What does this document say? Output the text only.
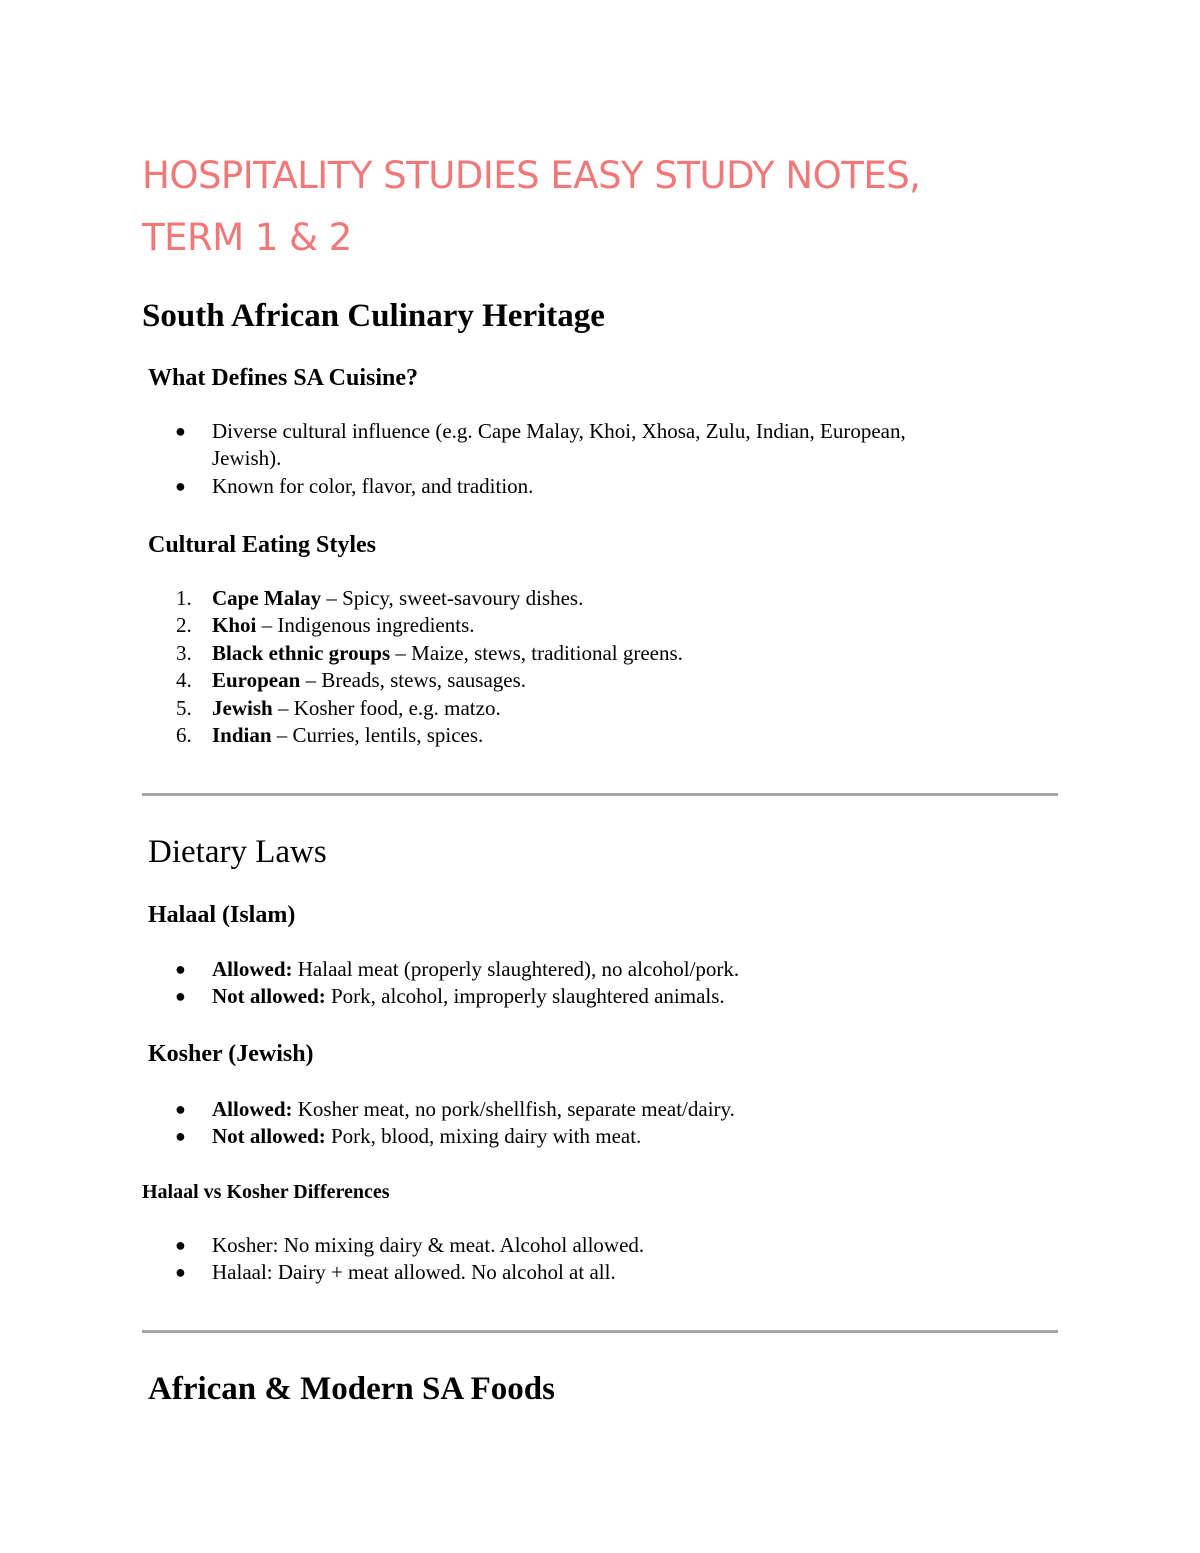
HOSPITALITY STUDIES EASY STUDY NOTES,
TERM 1 & 2
South African Culinary Heritage
What Defines SA Cuisine?
● Diverse cultural influence (e.g. Cape Malay, Khoi, Xhosa, Zulu, Indian, European,
Jewish).
● Known for color, flavor, and tradition.
Cultural Eating Styles
1. Cape Malay – Spicy, sweet-savoury dishes.
2. Khoi – Indigenous ingredients.
3. Black ethnic groups – Maize, stews, traditional greens.
4. European – Breads, stews, sausages.
5. Jewish – Kosher food, e.g. matzo.
6. Indian – Curries, lentils, spices.
Dietary Laws
Halaal (Islam)
● Allowed: Halaal meat (properly slaughtered), no alcohol/pork.
● Not allowed: Pork, alcohol, improperly slaughtered animals.
Kosher (Jewish)
● Allowed: Kosher meat, no pork/shellfish, separate meat/dairy.
● Not allowed: Pork, blood, mixing dairy with meat.
Halaal vs Kosher Differences
● Kosher: No mixing dairy & meat. Alcohol allowed.
● Halaal: Dairy + meat allowed. No alcohol at all.
African & Modern SA Foods
